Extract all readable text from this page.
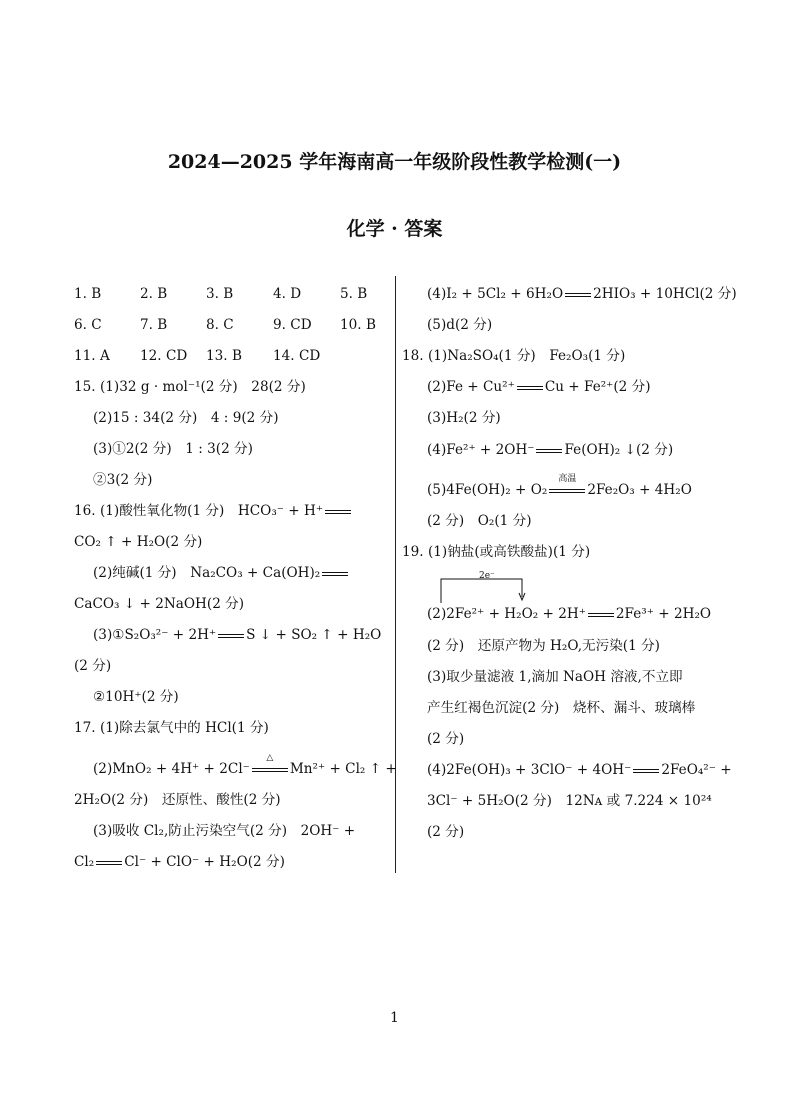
2024—2025 学年海南高一年级阶段性教学检测(一)
化学 · 答案
1. B	2. B	3. B	4. D	5. B
6. C	7. B	8. C	9. CD 10. B
11. A 12. CD 13. B 14. CD
15. (1)32 g · mol⁻¹(2 分)　28(2 分)
(2)15 : 34(2 分)　4 : 9(2 分)
(3)①2(2 分)　1 : 3(2 分)
②3(2 分)
16. (1)酸性氧化物(1 分)　HCO₃⁻ + H⁺
CO₂ ↑ + H₂O(2 分)
(2)纯碱(1 分)　Na₂CO₃ + Ca(OH)₂
CaCO₃ ↓ + 2NaOH(2 分)
(3)①S₂O₃²⁻ + 2H⁺ S ↓ + SO₂ ↑ + H₂O
(2 分)
②10H⁺(2 分)
17. (1)除去氯气中的 HCl(1 分)
(2)MnO₂ + 4H⁺ + 2Cl⁻
△
Mn²⁺ + Cl₂ ↑ +
2H₂O(2 分)　还原性、酸性(2 分)
(3)吸收 Cl₂,防止污染空气(2 分)　2OH⁻ +
Cl₂ Cl⁻ + ClO⁻ + H₂O(2 分)
(4)I₂ + 5Cl₂ + 6H₂O 2HIO₃ + 10HCl(2 分)
(5)d(2 分)
18. (1)Na₂SO₄(1 分)　Fe₂O₃(1 分)
(2)Fe + Cu²⁺ Cu + Fe²⁺(2 分)
(3)H₂(2 分)
(4)Fe²⁺ + 2OH⁻ Fe(OH)₂ ↓(2 分)
(5)4Fe(OH)₂ + O₂
高温
2Fe₂O₃ + 4H₂O
(2 分)　O₂(1 分)
19. (1)钠盐(或高铁酸盐)(1 分)
2e⁻
(2)2Fe²⁺ + H₂O₂ + 2H⁺ 2Fe³⁺ + 2H₂O
(2 分)　还原产物为 H₂O,无污染(1 分)
(3)取少量滤液 1,滴加 NaOH 溶液,不立即
产生红褐色沉淀(2 分)　烧杯、漏斗、玻璃棒
(2 分)
(4)2Fe(OH)₃ + 3ClO⁻ + 4OH⁻ 2FeO₄²⁻ +
3Cl⁻ + 5H₂O(2 分)　12Nᴀ 或 7.224 × 10²⁴
(2 分)
1
